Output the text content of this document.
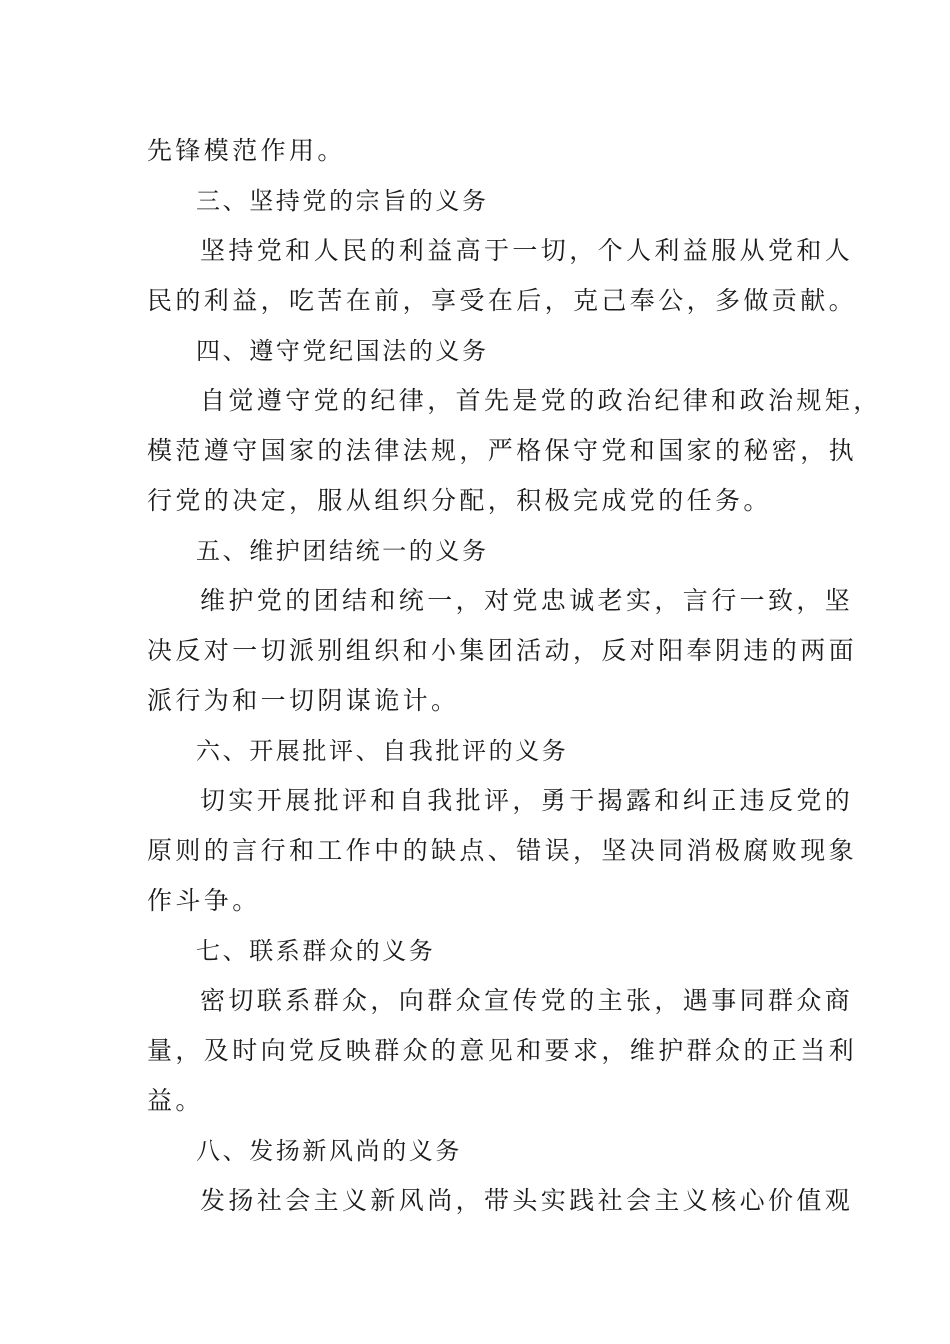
先锋模范作用。
三、坚持党的宗旨的义务
坚持党和人民的利益高于一切，个人利益服从党和人
民的利益，吃苦在前，享受在后，克己奉公，多做贡献。
四、遵守党纪国法的义务
自觉遵守党的纪律，首先是党的政治纪律和政治规矩，
模范遵守国家的法律法规，严格保守党和国家的秘密，执
行党的决定，服从组织分配，积极完成党的任务。
五、维护团结统一的义务
维护党的团结和统一，对党忠诚老实，言行一致，坚
决反对一切派别组织和小集团活动，反对阳奉阴违的两面
派行为和一切阴谋诡计。
六、开展批评、自我批评的义务
切实开展批评和自我批评，勇于揭露和纠正违反党的
原则的言行和工作中的缺点、错误，坚决同消极腐败现象
作斗争。
七、联系群众的义务
密切联系群众，向群众宣传党的主张，遇事同群众商
量，及时向党反映群众的意见和要求，维护群众的正当利
益。
八、发扬新风尚的义务
发扬社会主义新风尚，带头实践社会主义核心价值观
